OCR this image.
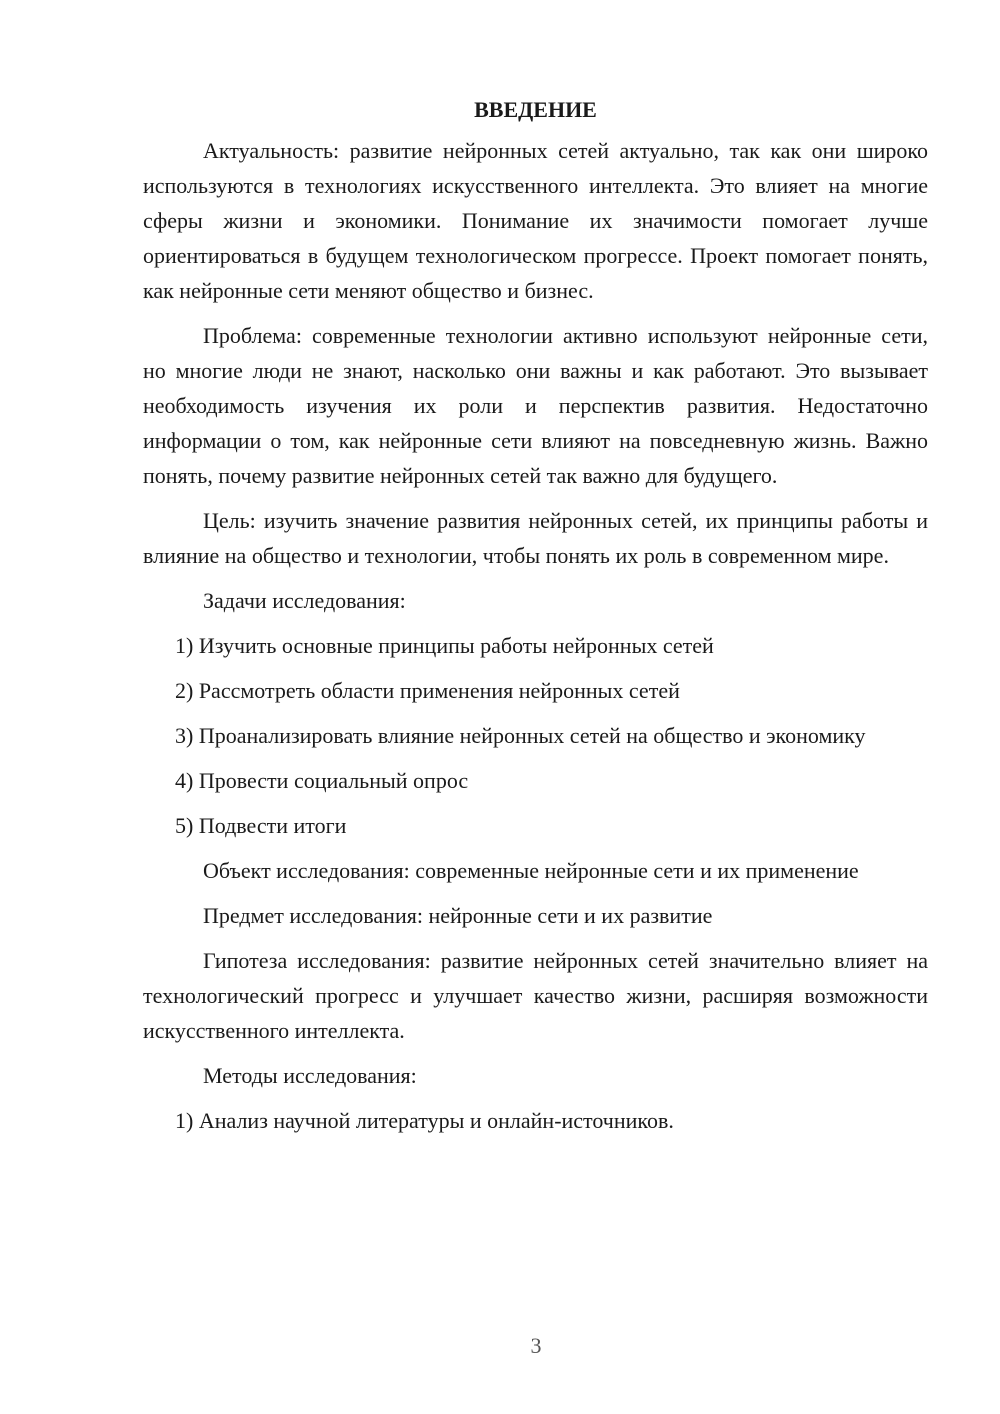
ВВЕДЕНИЕ

Актуальность: развитие нейронных сетей актуально, так как они широко используются в технологиях искусственного интеллекта. Это влияет на многие сферы жизни и экономики. Понимание их значимости помогает лучше ориентироваться в будущем технологическом прогрессе. Проект помогает понять, как нейронные сети меняют общество и бизнес.

Проблема: современные технологии активно используют нейронные сети, но многие люди не знают, насколько они важны и как работают. Это вызывает необходимость изучения их роли и перспектив развития. Недостаточно информации о том, как нейронные сети влияют на повседневную жизнь. Важно понять, почему развитие нейронных сетей так важно для будущего.

Цель: изучить значение развития нейронных сетей, их принципы работы и влияние на общество и технологии, чтобы понять их роль в современном мире.

Задачи исследования:

1) Изучить основные принципы работы нейронных сетей

2) Рассмотреть области применения нейронных сетей

3) Проанализировать влияние нейронных сетей на общество и экономику

4) Провести социальный опрос

5) Подвести итоги

Объект исследования: современные нейронные сети и их применение

Предмет исследования: нейронные сети и их развитие

Гипотеза исследования: развитие нейронных сетей значительно влияет на технологический прогресс и улучшает качество жизни, расширяя возможности искусственного интеллекта.

Методы исследования:

1) Анализ научной литературы и онлайн-источников.

3
